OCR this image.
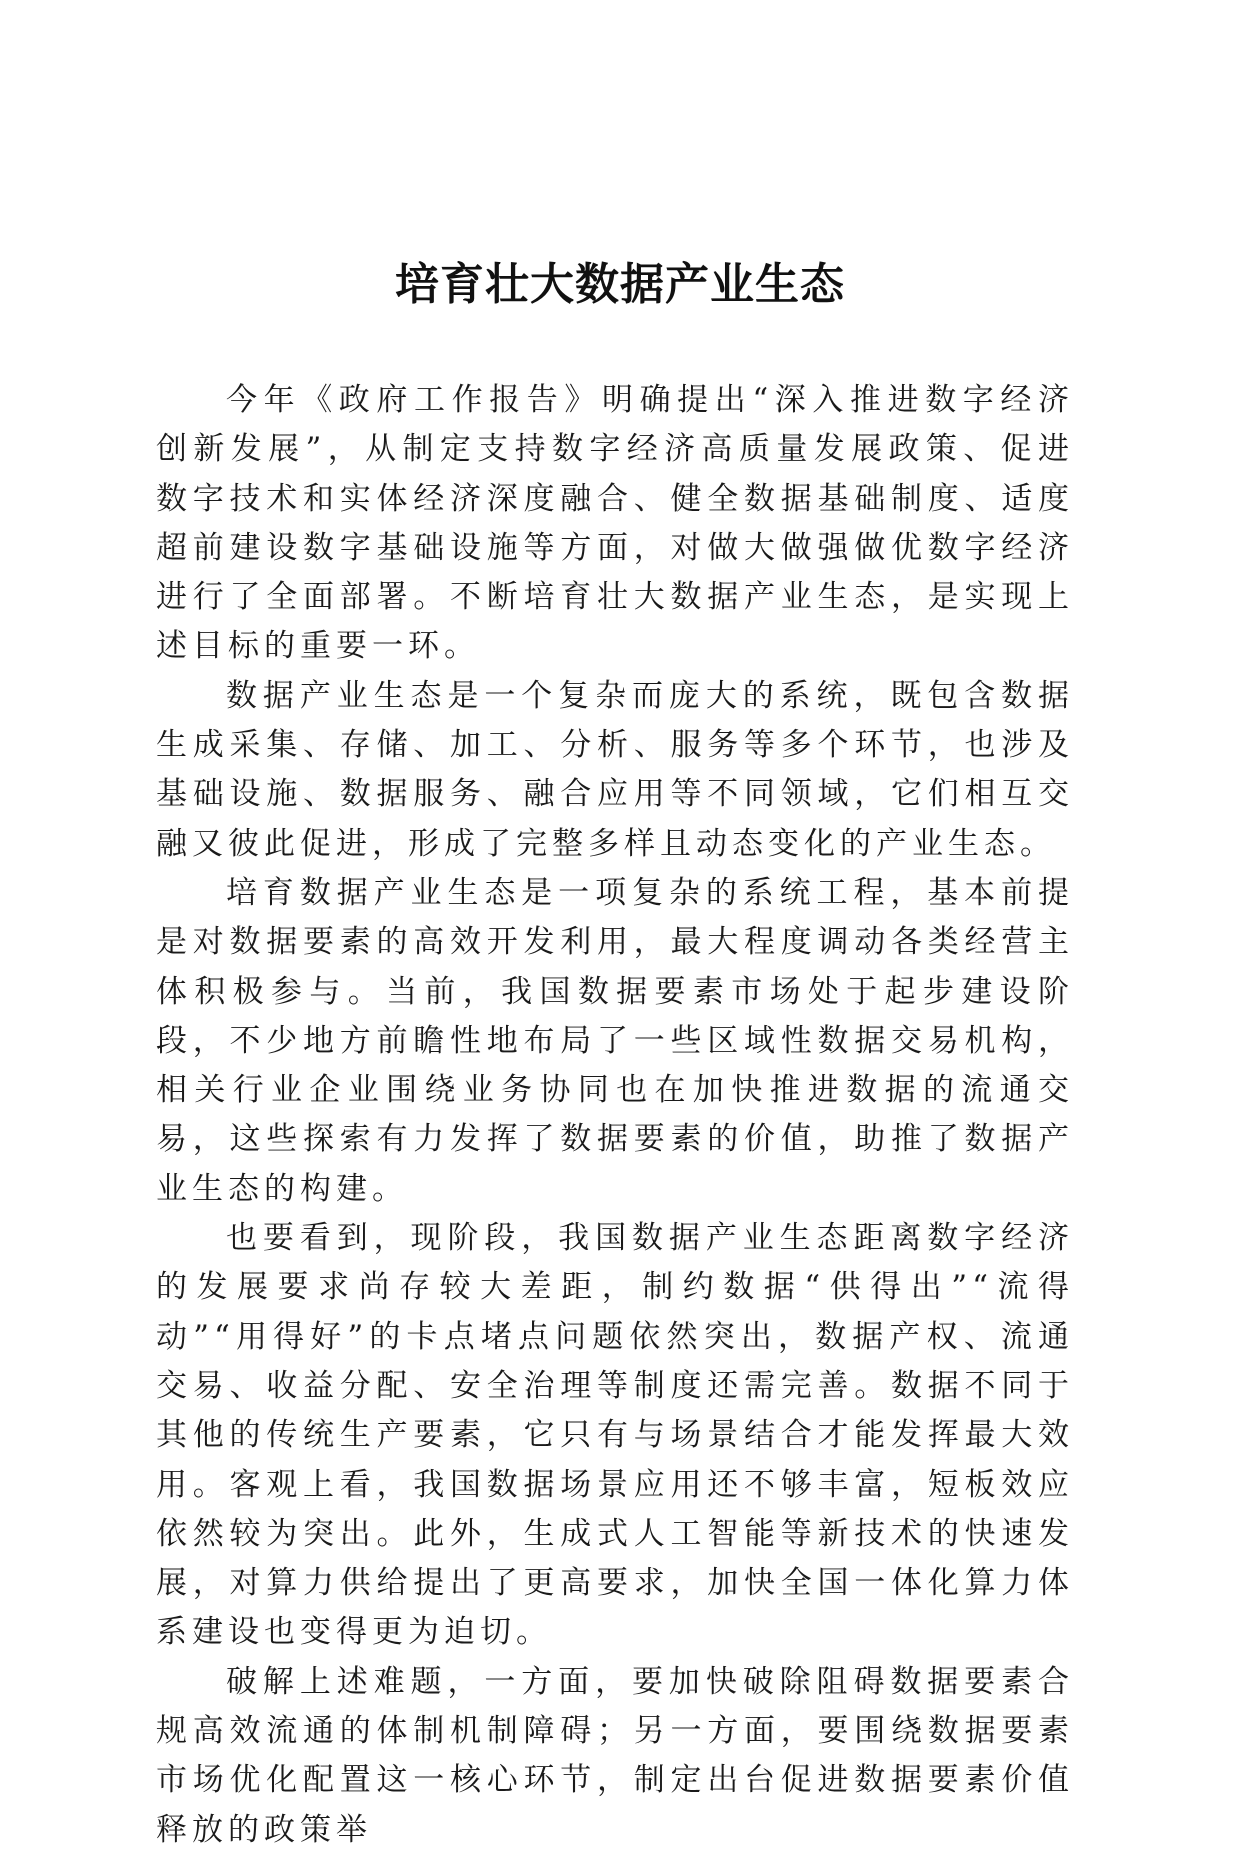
培育壮大数据产业生态

今年《政府工作报告》明确提出“深入推进数字经济创新发展”，从制定支持数字经济高质量发展政策、促进数字技术和实体经济深度融合、健全数据基础制度、适度超前建设数字基础设施等方面，对做大做强做优数字经济进行了全面部署。不断培育壮大数据产业生态，是实现上述目标的重要一环。

数据产业生态是一个复杂而庞大的系统，既包含数据生成采集、存储、加工、分析、服务等多个环节，也涉及基础设施、数据服务、融合应用等不同领域，它们相互交融又彼此促进，形成了完整多样且动态变化的产业生态。

培育数据产业生态是一项复杂的系统工程，基本前提是对数据要素的高效开发利用，最大程度调动各类经营主体积极参与。当前，我国数据要素市场处于起步建设阶段，不少地方前瞻性地布局了一些区域性数据交易机构，相关行业企业围绕业务协同也在加快推进数据的流通交易，这些探索有力发挥了数据要素的价值，助推了数据产业生态的构建。

也要看到，现阶段，我国数据产业生态距离数字经济的发展要求尚存较大差距，制约数据“供得出”“流得动”“用得好”的卡点堵点问题依然突出，数据产权、流通交易、收益分配、安全治理等制度还需完善。数据不同于其他的传统生产要素，它只有与场景结合才能发挥最大效用。客观上看，我国数据场景应用还不够丰富，短板效应依然较为突出。此外，生成式人工智能等新技术的快速发展，对算力供给提出了更高要求，加快全国一体化算力体系建设也变得更为迫切。

破解上述难题，一方面，要加快破除阻碍数据要素合规高效流通的体制机制障碍；另一方面，要围绕数据要素市场优化配置这一核心环节，制定出台促进数据要素价值释放的政策举
